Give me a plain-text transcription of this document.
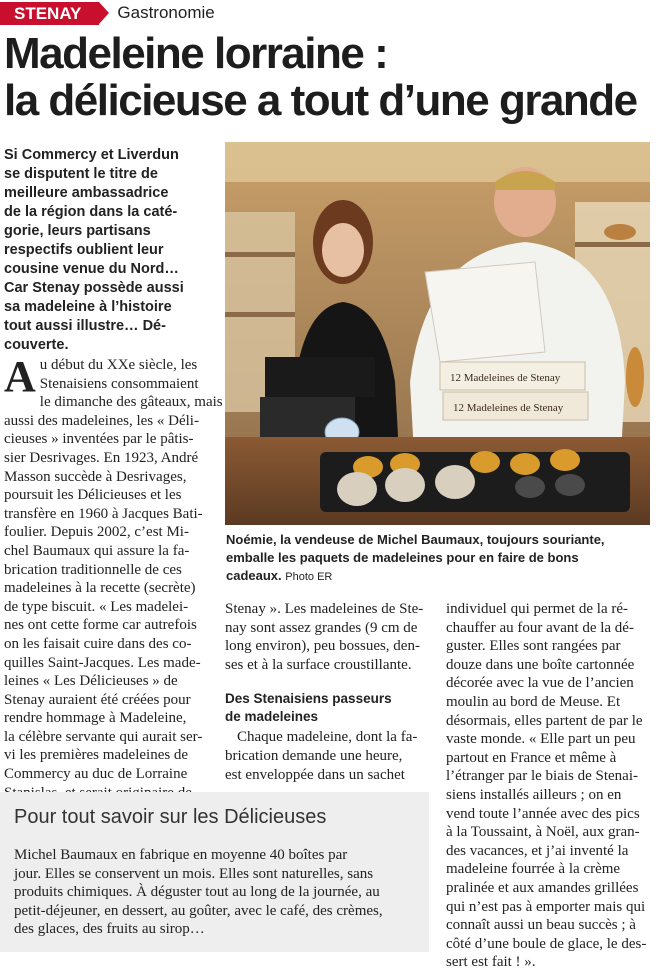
STENAY	Gastronomie
Madeleine lorraine :
la délicieuse a tout d’une grande
Si Commercy et Liverdun
se disputent le titre de
meilleure ambassadrice
de la région dans la caté-
gorie, leurs partisans
respectifs oublient leur
cousine venue du Nord…
Car Stenay possède aussi
sa madeleine à l’histoire
tout aussi illustre… Dé-
couverte.
A u début du XXe siècle, les
Stenaisiens consommaient
le dimanche des gâteaux, mais
aussi des madeleines, les « Déli-
cieuses » inventées par le pâtis-
sier Desrivages. En 1923, André
Masson succède à Desrivages,
poursuit les Délicieuses et les
transfère en 1960 à Jacques Bati-
foulier. Depuis 2002, c’est Mi-
chel Baumaux qui assure la fa-
brication traditionnelle de ces
madeleines à la recette (secrète)
de type biscuit. « Les madelei-
nes ont cette forme car autrefois
on les faisait cuire dans des co-
quilles Saint-Jacques. Les made-
leines « Les Délicieuses » de
Stenay auraient été créées pour
rendre hommage à Madeleine,
la célèbre servante qui aurait ser-
vi les premières madeleines de
Commercy au duc de Lorraine
12 Madeleines de Stenay
12 Madeleines de Stenay
Noémie, la vendeuse de Michel Baumaux, toujours souriante,
emballe les paquets de madeleines pour en faire de bons
cadeaux. Photo ER
Stenay ». Les madeleines de Ste-
nay sont assez grandes (9 cm de
long environ), peu bossues, den-
ses et à la surface croustillante.
Des Stenaisiens passeurs
de madeleines
Chaque madeleine, dont la fa-
brication demande une heure,
est enveloppée dans un sachet
individuel qui permet de la ré-
chauffer au four avant de la dé-
guster. Elles sont rangées par
douze dans une boîte cartonnée
décorée avec la vue de l’ancien
moulin au bord de Meuse. Et
désormais, elles partent de par le
vaste monde. « Elle part un peu
partout en France et même à
l’étranger par le biais de Stenai-
siens installés ailleurs ; on en
vend toute l’année avec des pics
à la Toussaint, à Noël, aux gran-
des vacances, et j’ai inventé la
madeleine fourrée à la crème
pralinée et aux amandes grillées
qui n’est pas à emporter mais qui
connaît aussi un beau succès ; à
côté d’une boule de glace, le des-
sert est fait ! ».
Pour tout savoir sur les Délicieuses
Michel Baumaux en fabrique en moyenne 40 boîtes par
jour. Elles se conservent un mois. Elles sont naturelles, sans
produits chimiques. À déguster tout au long de la journée, au
petit-déjeuner, en dessert, au goûter, avec le café, des crèmes,
des glaces, des fruits au sirop…
